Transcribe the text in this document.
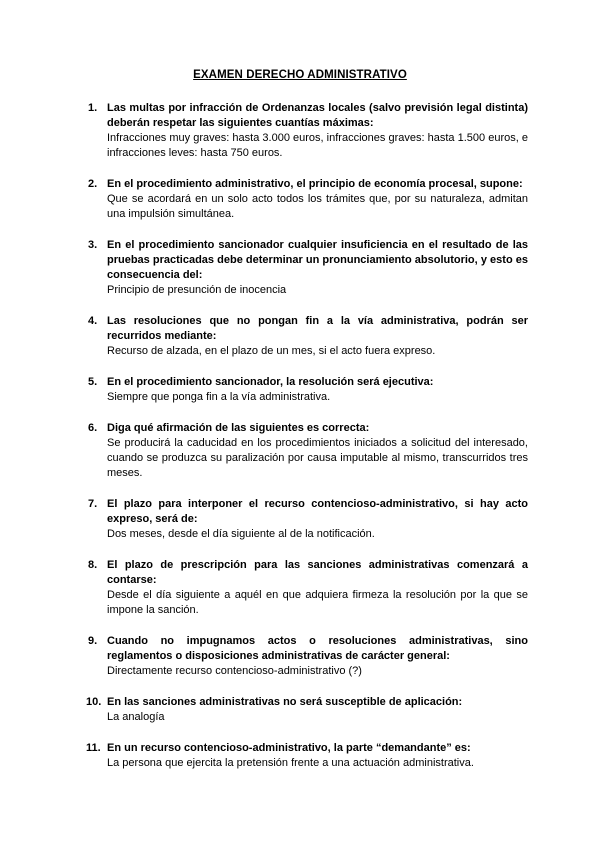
EXAMEN DERECHO ADMINISTRATIVO
1. Las multas por infracción de Ordenanzas locales (salvo previsión legal distinta) deberán respetar las siguientes cuantías máximas:
Infracciones muy graves: hasta 3.000 euros, infracciones graves: hasta 1.500 euros, e infracciones leves: hasta 750 euros.
2. En el procedimiento administrativo, el principio de economía procesal, supone:
Que se acordará en un solo acto todos los trámites que, por su naturaleza, admitan una impulsión simultánea.
3. En el procedimiento sancionador cualquier insuficiencia en el resultado de las pruebas practicadas debe determinar un pronunciamiento absolutorio, y esto es consecuencia del:
Principio de presunción de inocencia
4. Las resoluciones que no pongan fin a la vía administrativa, podrán ser recurridos mediante:
Recurso de alzada, en el plazo de un mes, si el acto fuera expreso.
5. En el procedimiento sancionador, la resolución será ejecutiva:
Siempre que ponga fin a la vía administrativa.
6. Diga qué afirmación de las siguientes es correcta:
Se producirá la caducidad en los procedimientos iniciados a solicitud del interesado, cuando se produzca su paralización por causa imputable al mismo, transcurridos tres meses.
7. El plazo para interponer el recurso contencioso-administrativo, si hay acto expreso, será de:
Dos meses, desde el día siguiente al de la notificación.
8. El plazo de prescripción para las sanciones administrativas comenzará a contarse:
Desde el día siguiente a aquél en que adquiera firmeza la resolución por la que se impone la sanción.
9. Cuando no impugnamos actos o resoluciones administrativas, sino reglamentos o disposiciones administrativas de carácter general:
Directamente recurso contencioso-administrativo (?)
10. En las sanciones administrativas no será susceptible de aplicación:
La analogía
11. En un recurso contencioso-administrativo, la parte “demandante” es:
La persona que ejercita la pretensión frente a una actuación administrativa.
